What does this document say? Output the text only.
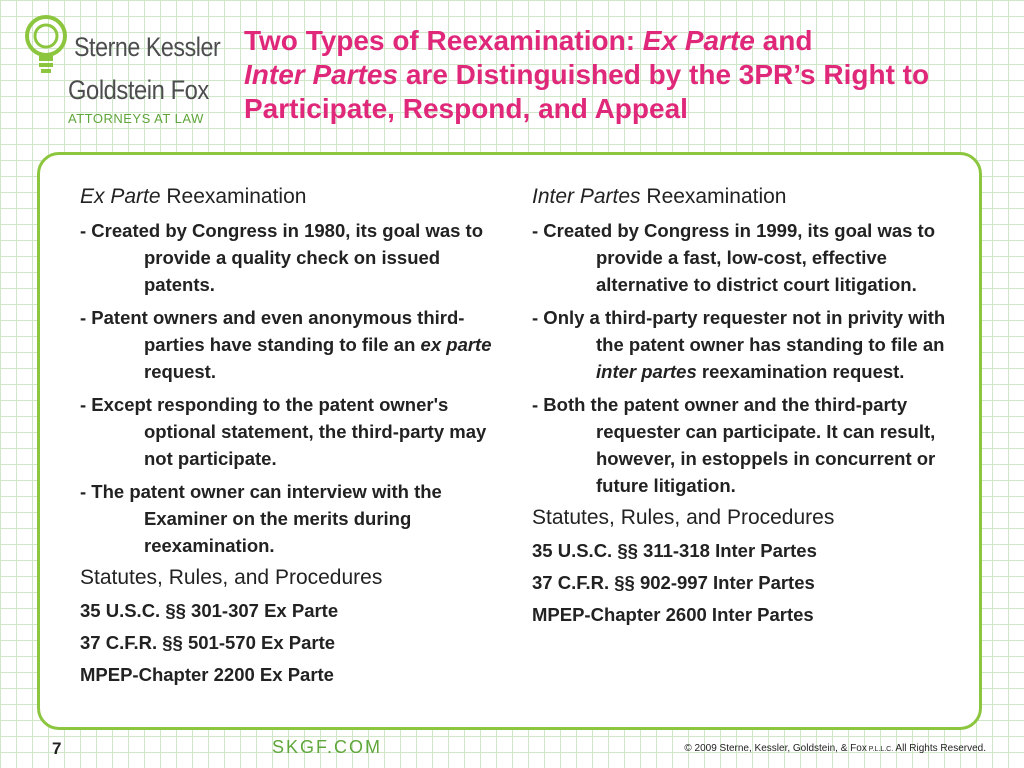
Sterne Kessler
Goldstein Fox
ATTORNEYS AT LAW
Two Types of Reexamination: Ex Parte and
Inter Partes are Distinguished by the 3PR’s Right to Participate, Respond, and Appeal
Ex Parte Reexamination
- Created by Congress in 1980, its goal was to provide a quality check on issued patents.
- Patent owners and even anonymous third-parties have standing to file an ex parte request.
- Except responding to the patent owner's optional statement, the third-party may not participate.
- The patent owner can interview with the Examiner on the merits during reexamination.
Statutes, Rules, and Procedures
35 U.S.C. §§ 301-307 Ex Parte
37 C.F.R. §§ 501-570 Ex Parte
MPEP-Chapter 2200 Ex Parte
Inter Partes Reexamination
- Created by Congress in 1999, its goal was to provide a fast, low-cost, effective alternative to district court litigation.
- Only a third-party requester not in privity with the patent owner has standing to file an inter partes reexamination request.
- Both the patent owner and the third-party requester can participate. It can result, however, in estoppels in concurrent or future litigation.
Statutes, Rules, and Procedures
35 U.S.C. §§ 311-318 Inter Partes
37 C.F.R. §§ 902-997 Inter Partes
MPEP-Chapter 2600 Inter Partes
7	SKGF.COM	© 2009 Sterne, Kessler, Goldstein, & Fox P.L.L.C. All Rights Reserved.
